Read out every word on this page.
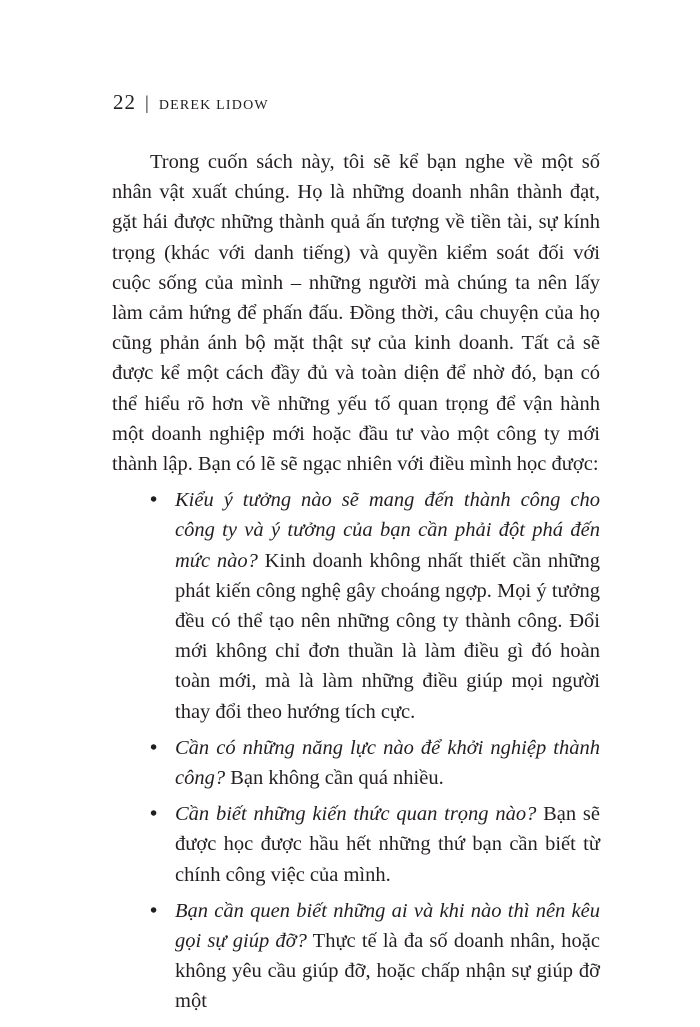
22 | DEREK LIDOW

Trong cuốn sách này, tôi sẽ kể bạn nghe về một số nhân vật xuất chúng. Họ là những doanh nhân thành đạt, gặt hái được những thành quả ấn tượng về tiền tài, sự kính trọng (khác với danh tiếng) và quyền kiểm soát đối với cuộc sống của mình – những người mà chúng ta nên lấy làm cảm hứng để phấn đấu. Đồng thời, câu chuyện của họ cũng phản ánh bộ mặt thật sự của kinh doanh. Tất cả sẽ được kể một cách đầy đủ và toàn diện để nhờ đó, bạn có thể hiểu rõ hơn về những yếu tố quan trọng để vận hành một doanh nghiệp mới hoặc đầu tư vào một công ty mới thành lập. Bạn có lẽ sẽ ngạc nhiên với điều mình học được:

• Kiểu ý tưởng nào sẽ mang đến thành công cho công ty và ý tưởng của bạn cần phải đột phá đến mức nào? Kinh doanh không nhất thiết cần những phát kiến công nghệ gây choáng ngợp. Mọi ý tưởng đều có thể tạo nên những công ty thành công. Đổi mới không chỉ đơn thuần là làm điều gì đó hoàn toàn mới, mà là làm những điều giúp mọi người thay đổi theo hướng tích cực.
• Cần có những năng lực nào để khởi nghiệp thành công? Bạn không cần quá nhiều.
• Cần biết những kiến thức quan trọng nào? Bạn sẽ được học được hầu hết những thứ bạn cần biết từ chính công việc của mình.
• Bạn cần quen biết những ai và khi nào thì nên kêu gọi sự giúp đỡ? Thực tế là đa số doanh nhân, hoặc không yêu cầu giúp đỡ, hoặc chấp nhận sự giúp đỡ một
